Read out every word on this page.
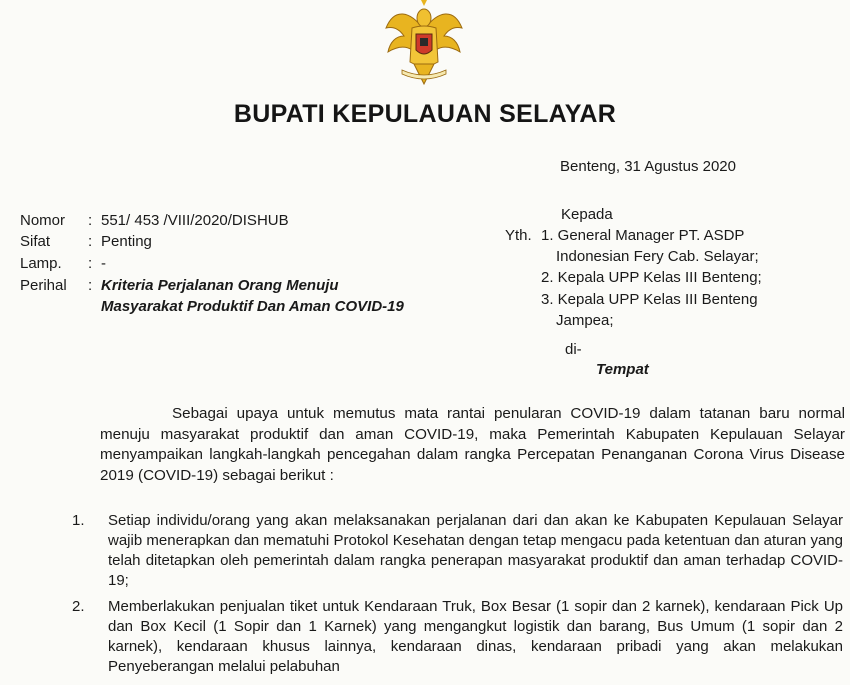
BUPATI KEPULAUAN SELAYAR
Benteng, 31 Agustus 2020
Nomor : 551/ 453 /VIII/2020/DISHUB
Sifat	: Penting
Lamp. : -
Perihal : Kriteria Perjalanan Orang Menuju
Masyarakat Produktif Dan Aman COVID-19
Kepada
Yth. 1. General Manager PT. ASDP
Indonesian Fery Cab. Selayar;
2. Kepala UPP Kelas III Benteng;
3. Kepala UPP Kelas III Benteng
Jampea;
di-
Tempat

Sebagai upaya untuk memutus mata rantai penularan COVID-19 dalam tatanan baru normal menuju masyarakat produktif dan aman COVID-19, maka Pemerintah Kabupaten Kepulauan Selayar menyampaikan langkah-langkah pencegahan dalam rangka Percepatan Penanganan Corona Virus Disease 2019 (COVID-19) sebagai berikut :

1. Setiap individu/orang yang akan melaksanakan perjalanan dari dan akan ke Kabupaten Kepulauan Selayar wajib menerapkan dan mematuhi Protokol Kesehatan dengan tetap mengacu pada ketentuan dan aturan yang telah ditetapkan oleh pemerintah dalam rangka penerapan masyarakat produktif dan aman terhadap COVID-19;

2. Memberlakukan penjualan tiket untuk Kendaraan Truk, Box Besar (1 sopir dan 2 karnek), kendaraan Pick Up dan Box Kecil (1 Sopir dan 1 Karnek) yang mengangkut logistik dan barang, Bus Umum (1 sopir dan 2 karnek), kendaraan khusus lainnya, kendaraan dinas, kendaraan pribadi yang akan melakukan Penyeberangan melalui pelabuhan
